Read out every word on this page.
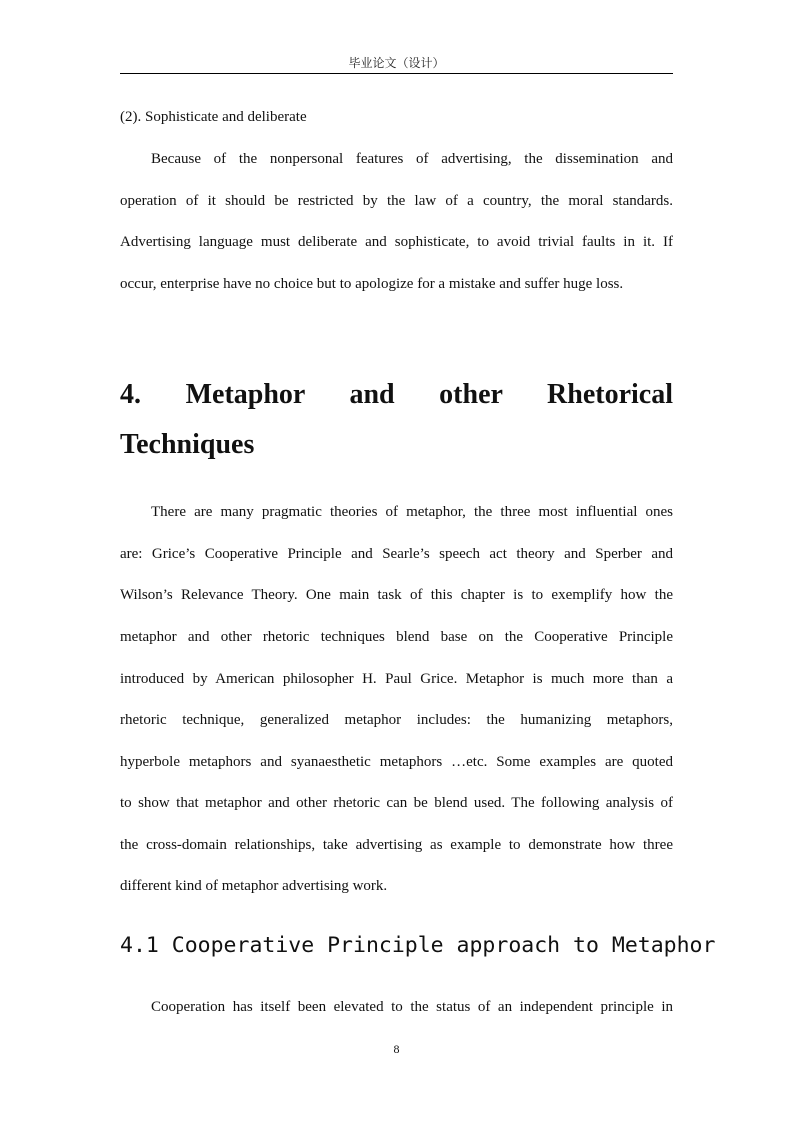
毕业论文（设计）
(2). Sophisticate and deliberate
Because of the nonpersonal features of advertising, the dissemination and
operation of it should be restricted by the law of a country, the moral standards.
Advertising language must deliberate and sophisticate, to avoid trivial faults in it. If
occur, enterprise have no choice but to apologize for a mistake and suffer huge loss.
4. Metaphor and other Rhetorical
Techniques
There are many pragmatic theories of metaphor, the three most influential ones
are: Grice’s Cooperative Principle and Searle’s speech act theory and Sperber and
Wilson’s Relevance Theory. One main task of this chapter is to exemplify how the
metaphor and other rhetoric techniques blend base on the Cooperative Principle
introduced by American philosopher H. Paul Grice. Metaphor is much more than a
rhetoric technique, generalized metaphor includes: the humanizing metaphors,
hyperbole metaphors and syanaesthetic metaphors …etc. Some examples are quoted
to show that metaphor and other rhetoric can be blend used. The following analysis of
the cross-domain relationships, take advertising as example to demonstrate how three
different kind of metaphor advertising work.
4.1 Cooperative Principle approach to Metaphor
Cooperation has itself been elevated to the status of an independent principle in
8
